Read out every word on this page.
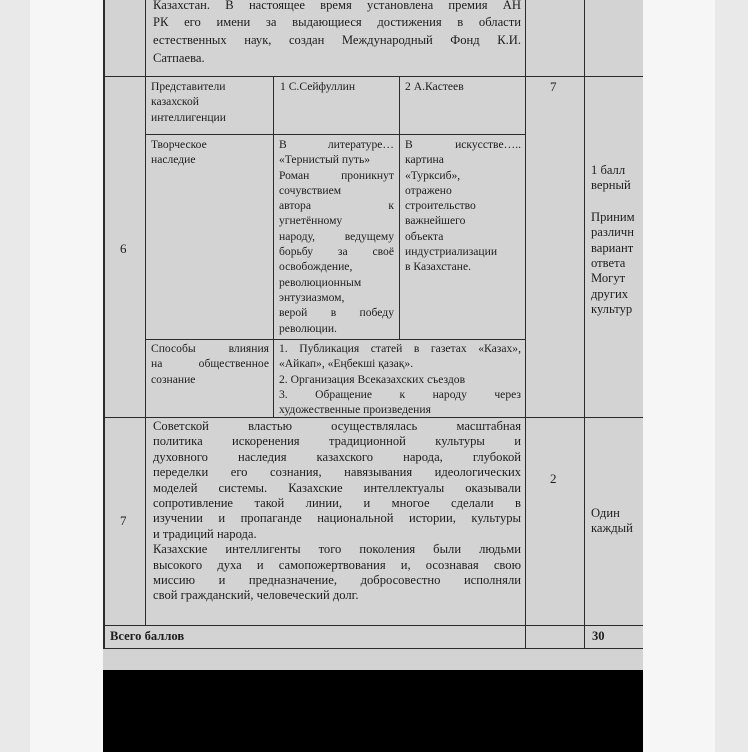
Казахстан. В настоящее время установлена премия АН
РК его имени за выдающиеся достижения в области
естественных наук, создан Международный Фонд К.И.
Сатпаева.
6
7
Представители
казахской
интеллигенции
1 С.Сейфуллин	2 А.Кастеев
Творческое
наследие
В литературе…
«Тернистый путь»
Роман проникнут
сочувствием
автора к
угнетённому
народу, ведущему
борьбу за своё
освобождение,
революционным
энтузиазмом,
верой в победу
революции.
В искусстве…..
картина
«Турксиб»,
отражено
строительство
важнейшего
объекта
индустриализации
в Казахстане.
Способы влияния
на общественное
сознание
1. Публикация статей в газетах «Казах»,
«Айкап», «Еңбекші қазақ».
2. Организация Всеказахских съездов
3. Обращение к народу через
художественные произведения
1 балл
верный
Приним
различн
вариант
ответа
Могут
других
культур
7
2
Советской властью осуществлялась масштабная
политика искоренения традиционной культуры и
духовного наследия казахского народа, глубокой
переделки его сознания, навязывания идеологических
моделей системы. Казахские интеллектуалы оказывали
сопротивление такой линии, и многое сделали в
изучении и пропаганде национальной истории, культуры
и традиций народа.
Казахские интеллигенты того поколения были людьми
высокого духа и самопожертвования и, осознавая свою
миссию и предназначение, добросовестно исполняли
свой гражданский, человеческий долг.
Один
каждый
Всего баллов	30
